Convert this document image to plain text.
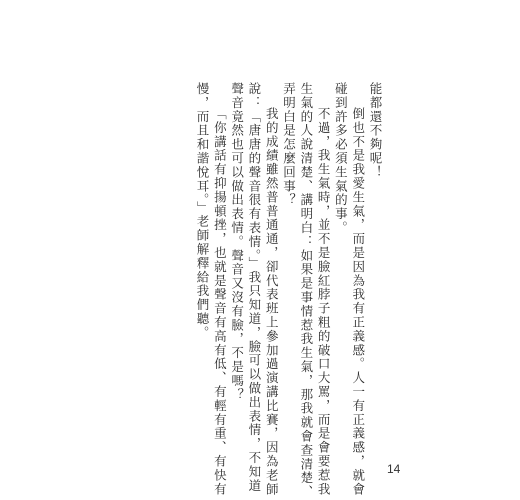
能都還不夠呢！
倒也不是我愛生氣，而是因為我有正義感。人一有正義感，就會
碰到許多必須生氣的事。
不過，我生氣時，並不是臉紅脖子粗的破口大罵，而是會要惹我
生氣的人說清楚、講明白：如果是事情惹我生氣，那我就會查清楚、
弄明白是怎麼回事？
我的成績雖然普普通通，卻代表班上參加過演講比賽，因為老師
說：「唐唐的聲音很有表情。」我只知道，臉可以做出表情，不知道
聲音竟然也可以做出表情。聲音又沒有臉，不是嗎？
「你講話有抑揚頓挫，也就是聲音有高有低、有輕有重、有快有
慢，而且和諧悅耳。」老師解釋給我們聽。
14
